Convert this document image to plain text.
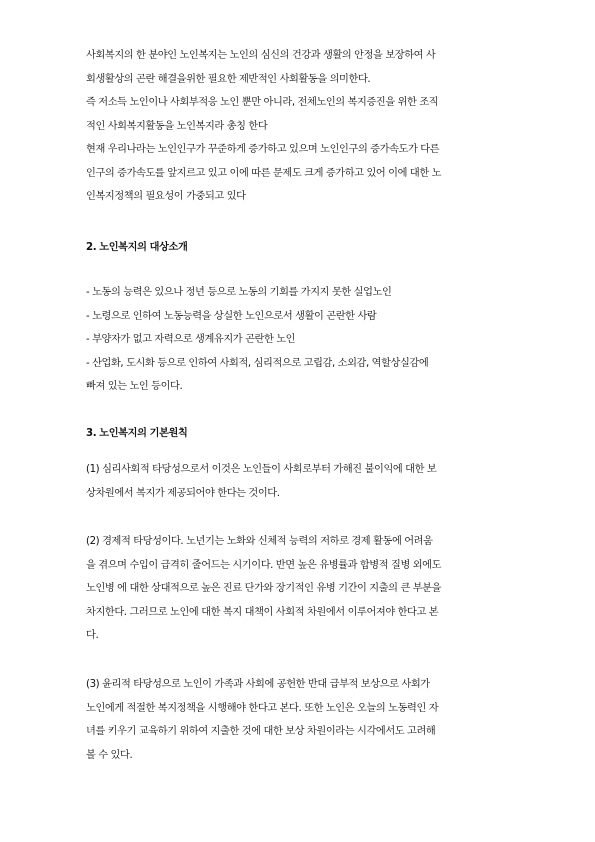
사회복지의 한 분야인 노인복지는 노인의 심신의 건강과 생활의 안정을 보장하여 사
회생활상의 곤란 해결을위한 필요한 제반적인 사회활동을 의미한다.
즉 저소득 노인이나 사회부적응 노인 뿐만 아니라, 전체노인의 복지증진을 위한 조직
적인 사회복지활동을 노인복지라 총칭 한다
현재 우리나라는 노인인구가 꾸준하게 증가하고 있으며 노인인구의 증가속도가 다른
인구의 증가속도를 앞지르고 있고 이에 따른 문제도 크게 증가하고 있어 이에 대한 노
인복지정책의 필요성이 가중되고 있다
2. 노인복지의 대상소개
- 노동의 능력은 있으나 정년 등으로 노동의 기회를 가지지 못한 실업노인
- 노령으로 인하여 노동능력을 상실한 노인으로서 생활이 곤란한 사람
- 부양자가 없고 자력으로 생계유지가 곤란한 노인
- 산업화, 도시화 등으로 인하여 사회적, 심리적으로 고립감, 소외감, 역할상실감에
빠져 있는 노인 등이다.
3. 노인복지의 기본원칙
(1) 심리사회적 타당성으로서 이것은 노인들이 사회로부터 가해진 불이익에 대한 보
상차원에서 복지가 제공되어야 한다는 것이다.
(2) 경제적 타당성이다. 노년기는 노화와 신체적 능력의 저하로 경제 활동에 어려움
을 겪으며 수입이 급격히 줄어드는 시기이다. 반면 높은 유병률과 합병적 질병 외에도
노인병 에 대한 상대적으로 높은 진료 단가와 장기적인 유병 기간이 지출의 큰 부분을
차지한다. 그러므로 노인에 대한 복지 대책이 사회적 차원에서 이루어져야 한다고 본
다.
(3) 윤리적 타당성으로 노인이 가족과 사회에 공헌한 반대 급부적 보상으로 사회가
노인에게 적절한 복지정책을 시행해야 한다고 본다. 또한 노인은 오늘의 노동력인 자
녀를 키우기 교육하기 위하여 지출한 것에 대한 보상 차원이라는 시각에서도 고려해
볼 수 있다.
